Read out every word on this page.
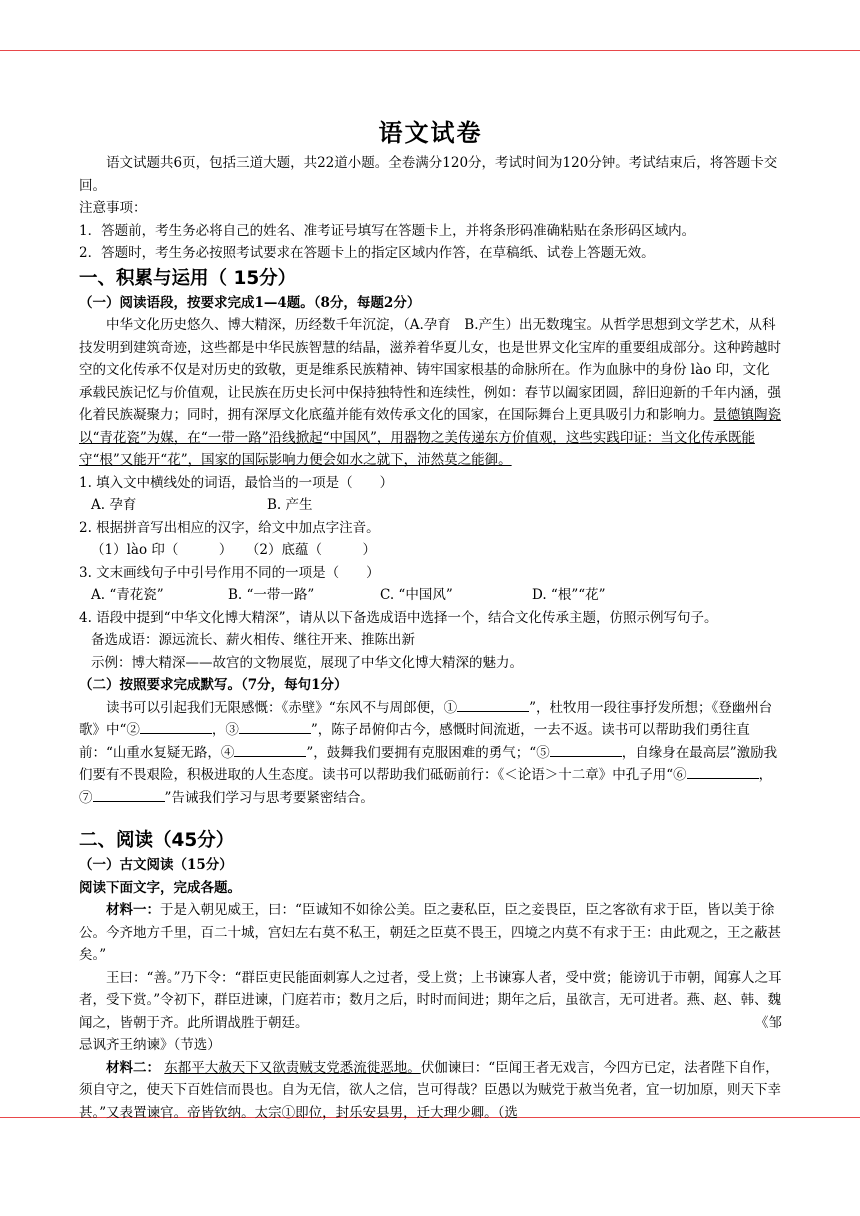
语文试卷

语文试题共6页，包括三道大题，共22道小题。全卷满分120分，考试时间为120分钟。考试结束后，将答题卡交回。

注意事项：

1．答题前，考生务必将自己的姓名、准考证号填写在答题卡上，并将条形码准确粘贴在条形码区域内。

2．答题时，考生务必按照考试要求在答题卡上的指定区域内作答，在草稿纸、试卷上答题无效。

一、积累与运用（ 15分）

（一）阅读语段，按要求完成1—4题。（8分，每题2分）

中华文化历史悠久、博大精深，历经数千年沉淀，（A.孕育　B.产生）出无数瑰宝。从哲学思想到文学艺术，从科技发明到建筑奇迹，这些都是中华民族智慧的结晶，滋养着华夏儿女，也是世界文化宝库的重要组成部分。这种跨越时空的文化传承不仅是对历史的致敬，更是维系民族精神、铸牢国家根基的命脉所在。作为血脉中的身份 lào 印，文化承载民族记忆与价值观，让民族在历史长河中保持独特性和连续性，例如：春节以阖家团圆，辞旧迎新的千年内涵，强化着民族凝聚力；同时，拥有深厚文化底蕴并能有效传承文化的国家，在国际舞台上更具吸引力和影响力。景德镇陶瓷以“青花瓷”为媒，在“一带一路”沿线掀起“中国风”，用器物之美传递东方价值观，这些实践印证：当文化传承既能守“根”又能开“花”，国家的国际影响力便会如水之就下，沛然莫之能御。

1. 填入文中横线处的词语，最恰当的一项是（　　）

A. 孕育	B. 产生

2. 根据拼音写出相应的汉字，给文中加点字注音。

（1）lào 印（　　　）　　（2）底蕴（　　　）

3. 文末画线句子中引号作用不同的一项是（　　）

A. “青花瓷”	B. “一带一路”	C. “中国风”	D. “根”“花”

4. 语段中提到“中华文化博大精深”，请从以下备选成语中选择一个，结合文化传承主题，仿照示例写句子。

备选成语：源远流长、薪火相传、继往开来、推陈出新

示例：博大精深——故宫的文物展览，展现了中华文化博大精深的魅力。

（二）按照要求完成默写。（7分，每句1分）

读书可以引起我们无限感慨：《赤壁》“东风不与周郎便，①	”，杜牧用一段往事抒发所想；《登幽州台歌》中“②	，③	”，陈子昂俯仰古今，感慨时间流逝，一去不返。读书可以帮助我们勇往直前：“山重水复疑无路，④	”，鼓舞我们要拥有克服困难的勇气；“⑤	，自缘身在最高层”激励我们要有不畏艰险，积极进取的人生态度。读书可以帮助我们砥砺前行：《＜论语＞十二章》中孔子用“⑥	，⑦	”告诫我们学习与思考要紧密结合。

二、阅读（45分）

（一）古文阅读（15分）

阅读下面文字，完成各题。

材料一：于是入朝见威王，曰：“臣诚知不如徐公美。臣之妻私臣，臣之妾畏臣，臣之客欲有求于臣，皆以美于徐公。今齐地方千里，百二十城，宫妇左右莫不私王，朝廷之臣莫不畏王，四境之内莫不有求于王：由此观之，王之蔽甚矣。”

王曰：“善。”乃下令：“群臣吏民能面刺寡人之过者，受上赏；上书谏寡人者，受中赏；能谤讥于市朝，闻寡人之耳者，受下赏。”令初下，群臣进谏，门庭若市；数月之后，时时而间进；期年之后，虽欲言，无可进者。燕、赵、韩、魏闻之，皆朝于齐。此所谓战胜于朝廷。	《邹

忌讽齐王纳谏》（节选）

材料二： 东都平大赦天下又欲责贼支党悉流徙恶地。伏伽谏曰：“臣闻王者无戏言，今四方已定，法者陛下自作，须自守之，使天下百姓信而畏也。自为无信，欲人之信，岂可得哉？臣愚以为贼党于赦当免者，宜一切加原，则天下幸甚。”又表置谏官。帝皆钦纳。太宗①即位，封乐安县男，迁大理少卿。（选
